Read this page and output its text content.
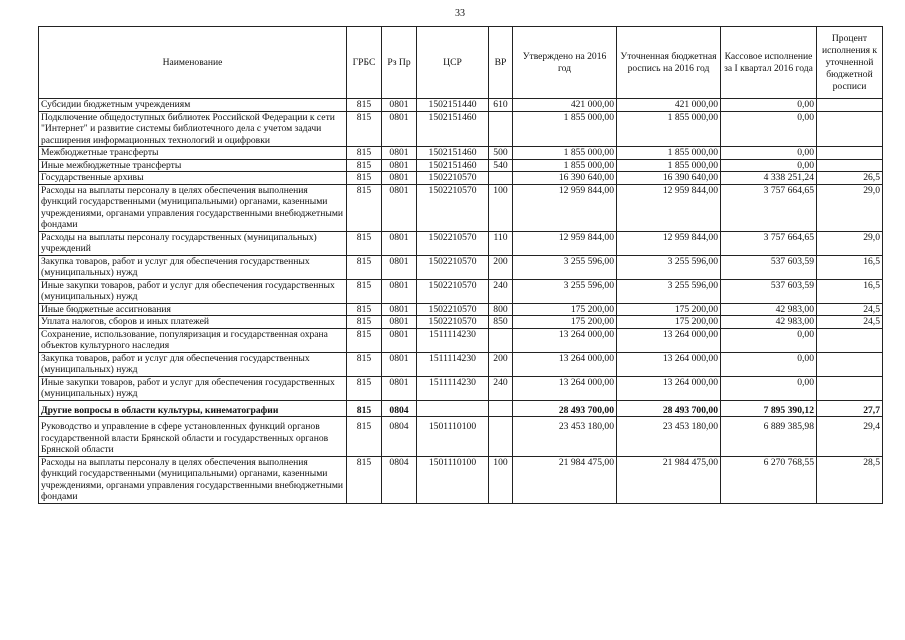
33
Наименование	ГРБС	Рз Пр	ЦСР	ВР	Утверждено на 2016 год	Уточненная бюджетная роспись на 2016 год	Кассовое исполнение за I квартал 2016 года	Процент исполнения к уточненной бюджетной росписи
Субсидии бюджетным учреждениям	815	0801	1502151440	610	421 000,00	421 000,00	0,00	
Подключение общедоступных библиотек Российской Федерации к сети "Интернет" и развитие системы библиотечного дела с учетом задачи расширения информационных технологий и оцифровки	815	0801	1502151460		1 855 000,00	1 855 000,00	0,00	
Межбюджетные трансферты	815	0801	1502151460	500	1 855 000,00	1 855 000,00	0,00	
Иные межбюджетные трансферты	815	0801	1502151460	540	1 855 000,00	1 855 000,00	0,00	
Государственные архивы	815	0801	1502210570		16 390 640,00	16 390 640,00	4 338 251,24	26,5
Расходы на выплаты персоналу в целях обеспечения выполнения функций государственными (муниципальными) органами, казенными учреждениями, органами управления государственными внебюджетными фондами	815	0801	1502210570	100	12 959 844,00	12 959 844,00	3 757 664,65	29,0
Расходы на выплаты персоналу государственных (муниципальных) учреждений	815	0801	1502210570	110	12 959 844,00	12 959 844,00	3 757 664,65	29,0
Закупка товаров, работ и услуг для обеспечения государственных (муниципальных) нужд	815	0801	1502210570	200	3 255 596,00	3 255 596,00	537 603,59	16,5
Иные закупки товаров, работ и услуг для обеспечения государственных (муниципальных) нужд	815	0801	1502210570	240	3 255 596,00	3 255 596,00	537 603,59	16,5
Иные бюджетные ассигнования	815	0801	1502210570	800	175 200,00	175 200,00	42 983,00	24,5
Уплата налогов, сборов и иных платежей	815	0801	1502210570	850	175 200,00	175 200,00	42 983,00	24,5
Сохранение, использование, популяризация и государственная охрана объектов культурного наследия	815	0801	1511114230		13 264 000,00	13 264 000,00	0,00	
Закупка товаров, работ и услуг для обеспечения государственных (муниципальных) нужд	815	0801	1511114230	200	13 264 000,00	13 264 000,00	0,00	
Иные закупки товаров, работ и услуг для обеспечения государственных (муниципальных) нужд	815	0801	1511114230	240	13 264 000,00	13 264 000,00	0,00	
Другие вопросы в области культуры, кинематографии	815	0804			28 493 700,00	28 493 700,00	7 895 390,12	27,7
Руководство и управление в сфере установленных функций органов государственной власти Брянской области и государственных органов Брянской области	815	0804	1501110100		23 453 180,00	23 453 180,00	6 889 385,98	29,4
Расходы на выплаты персоналу в целях обеспечения выполнения функций государственными (муниципальными) органами, казенными учреждениями, органами управления государственными внебюджетными фондами	815	0804	1501110100	100	21 984 475,00	21 984 475,00	6 270 768,55	28,5
